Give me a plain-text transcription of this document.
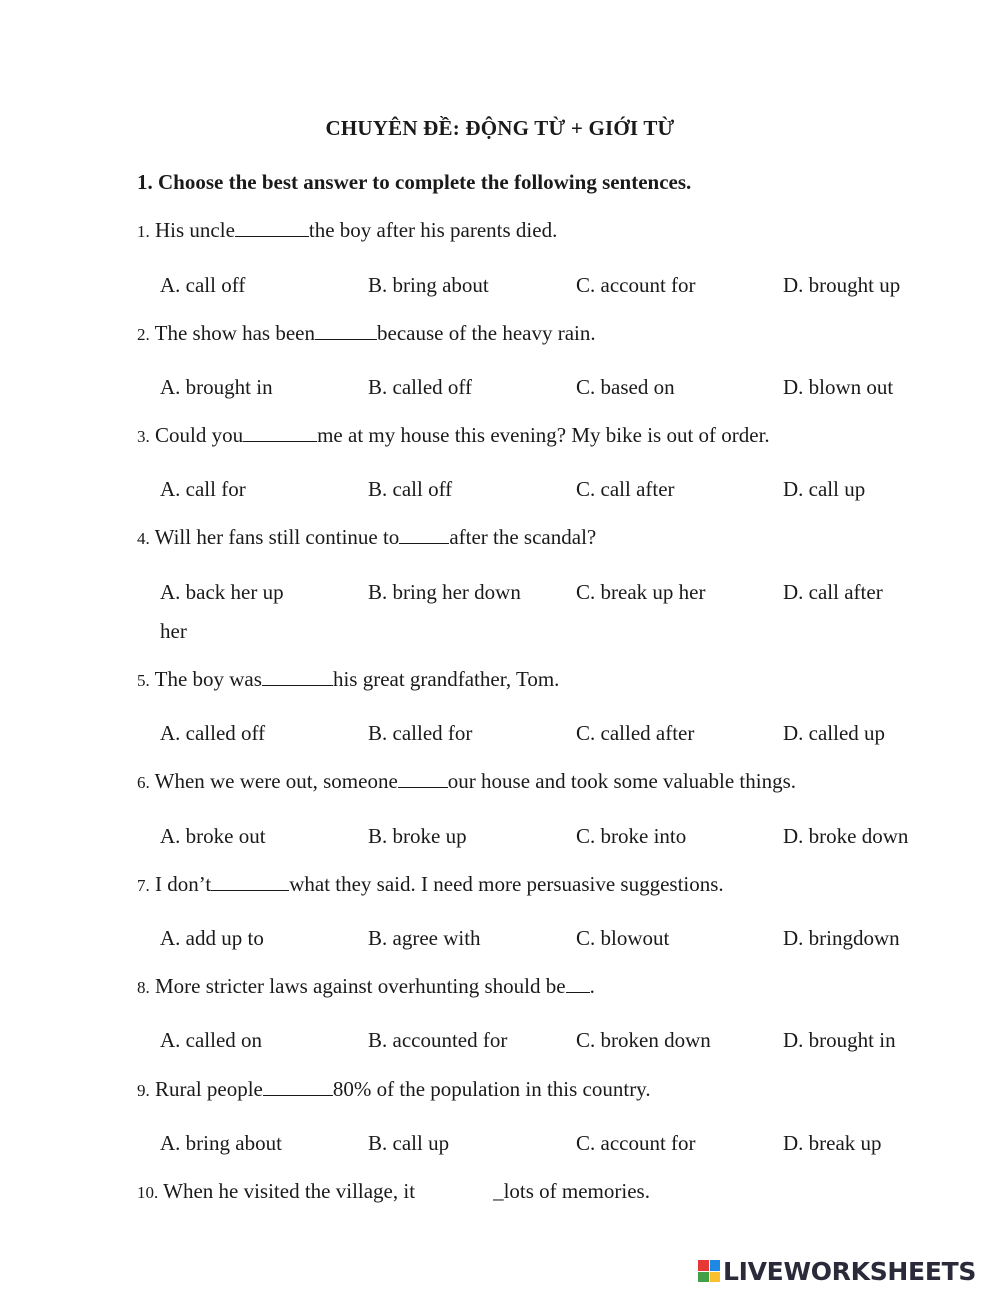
CHUYÊN ĐỀ: ĐỘNG TỪ + GIỚI TỪ
1. Choose the best answer to complete the following sentences.
1. His uncle	the boy after his parents died.
A. call off	B. bring about	C. account for	D. brought up
2. The show has been	because of the heavy rain.
A. brought in	B. called off	C. based on	D. blown out
3. Could you	me at my house this evening? My bike is out of order.
A. call for	B. call off	C. call after	D. call up
4. Will her fans still continue to after the scandal?
A. back her up	B. bring her down	C. break up her	D. call after
her
5. The boy was	his great grandfather, Tom.
A. called off	B. called for	C. called after	D. called up
6. When we were out, someone our house and took some valuable things.
A. broke out	B. broke up	C. broke into	D. broke down
7. I don’t	what they said. I need more persuasive suggestions.
A. add up to	B. agree with	C. blowout	D. bringdown
8. More stricter laws against overhunting should be .
A. called on	B. accounted for	C. broken down	D. brought in
9. Rural people	80% of the population in this country.
A. bring about	B. call up	C. account for	D. break up
10. When he visited the village, it	_lots of memories.
LIVEWORKSHEETS
